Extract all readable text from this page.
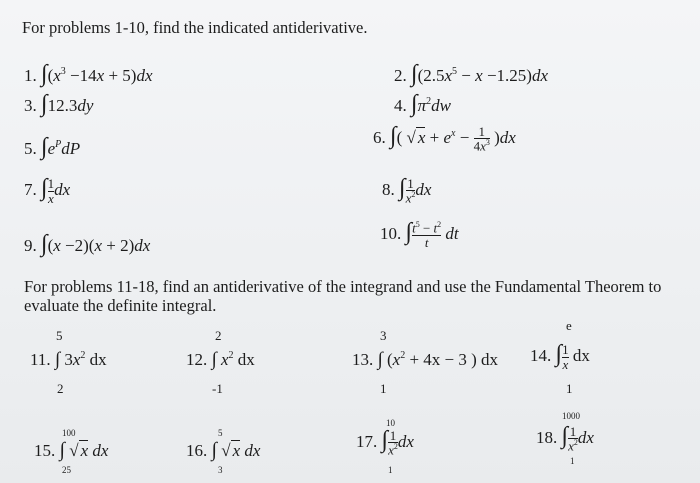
For problems 1-10, find the indicated antiderivative.
1. $\int(x^3 -14x + 5)dx$	2. $\int(2.5x^5 - x -1.25)dx$
3. ∫12.3dy	4. $\int\pi^2dw$
5. $\int e^PdP$
6. ∫( √ $x + e^x - \frac{1}{4x^3} )dx$
7. ∫ $\frac{1}{x}$ dx	8. ∫ $\frac{1}{x^2}$ dx
9. ∫(x −2)(x + 2)dx
10. ∫ $\frac{t^5 - t^2}{t}$ dt
For problems 11-18, find an antiderivative of the integrand and use the Fundamental Theorem to
evaluate the definite integral.
5
11. ∫ $3x^2$ dx
2
2
12. ∫ $x^2$ dx
-1
3
13. ∫ ($x^2 + 4x - 3$ ) dx
1
e
14. ∫ $\frac{1}{x}$ dx
1
100
15. ∫ √ x dx
25
5
16. ∫ √ x dx
3
10
17. ∫ $\frac{1}{x^2}$ dx
1
1000
18. ∫ $\frac{1}{x^2}$ dx
1
